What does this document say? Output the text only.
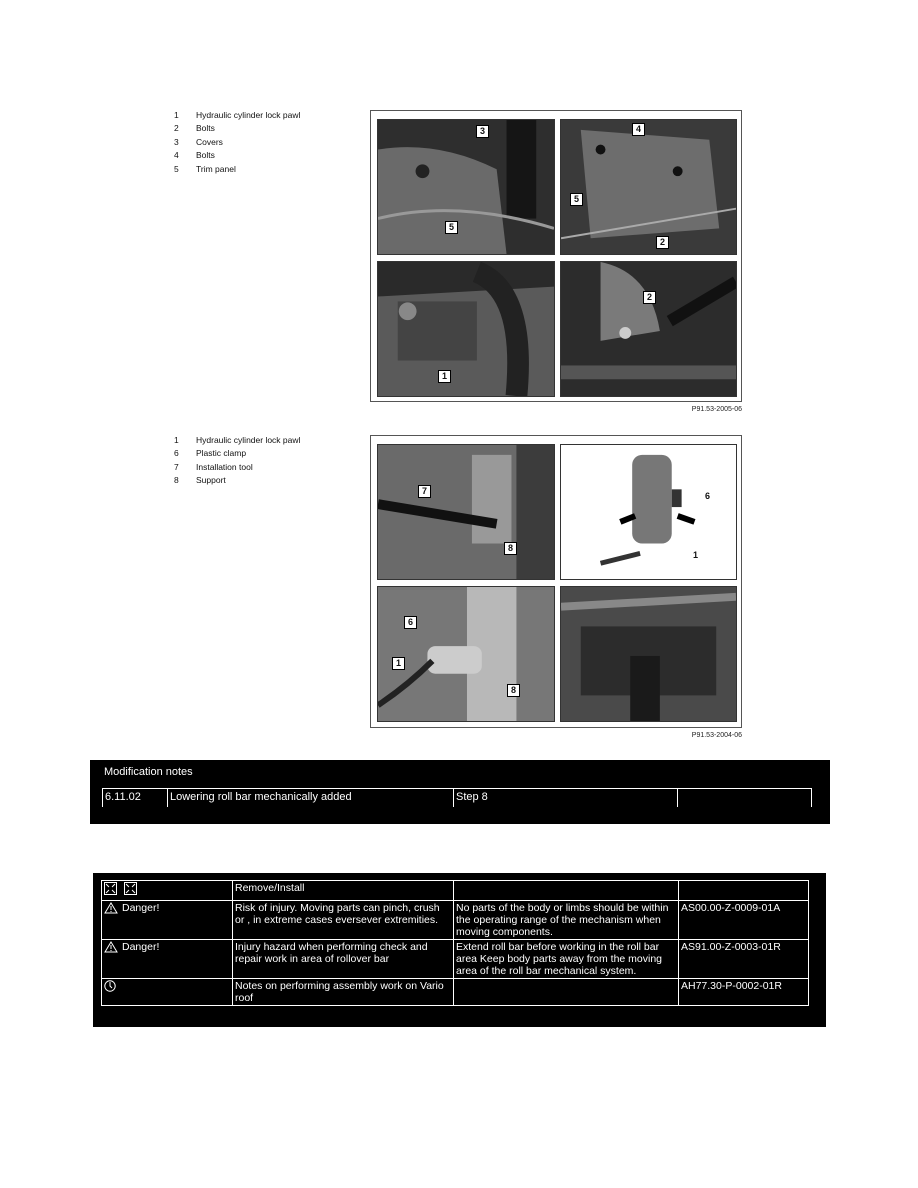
1	Hydraulic cylinder lock pawl
2	Bolts
3	Covers
4	Bolts
5	Trim panel
3
5
4
5
2
1
2
P91.53-2005-06
1	Hydraulic cylinder lock pawl
6	Plastic clamp
7	Installation tool
8	Support
7
8
6
1
6
1
8
P91.53-2004-06
Modification notes
6.11.02	Lowering roll bar mechanically added	Step 8
	Remove/Install		
Danger!	Risk of injury. Moving parts can pinch, crush or , in extreme cases eversever extremities.	No parts of the body or limbs should be within the operating range of the mechanism when moving components.	AS00.00-Z-0009-01A
Danger!	Injury hazard when performing check and repair work in area of rollover bar	Extend roll bar before working in the roll bar area Keep body parts away from the moving area of the roll bar mechanical system.	AS91.00-Z-0003-01R
	Notes on performing assembly work on Vario roof		AH77.30-P-0002-01R
